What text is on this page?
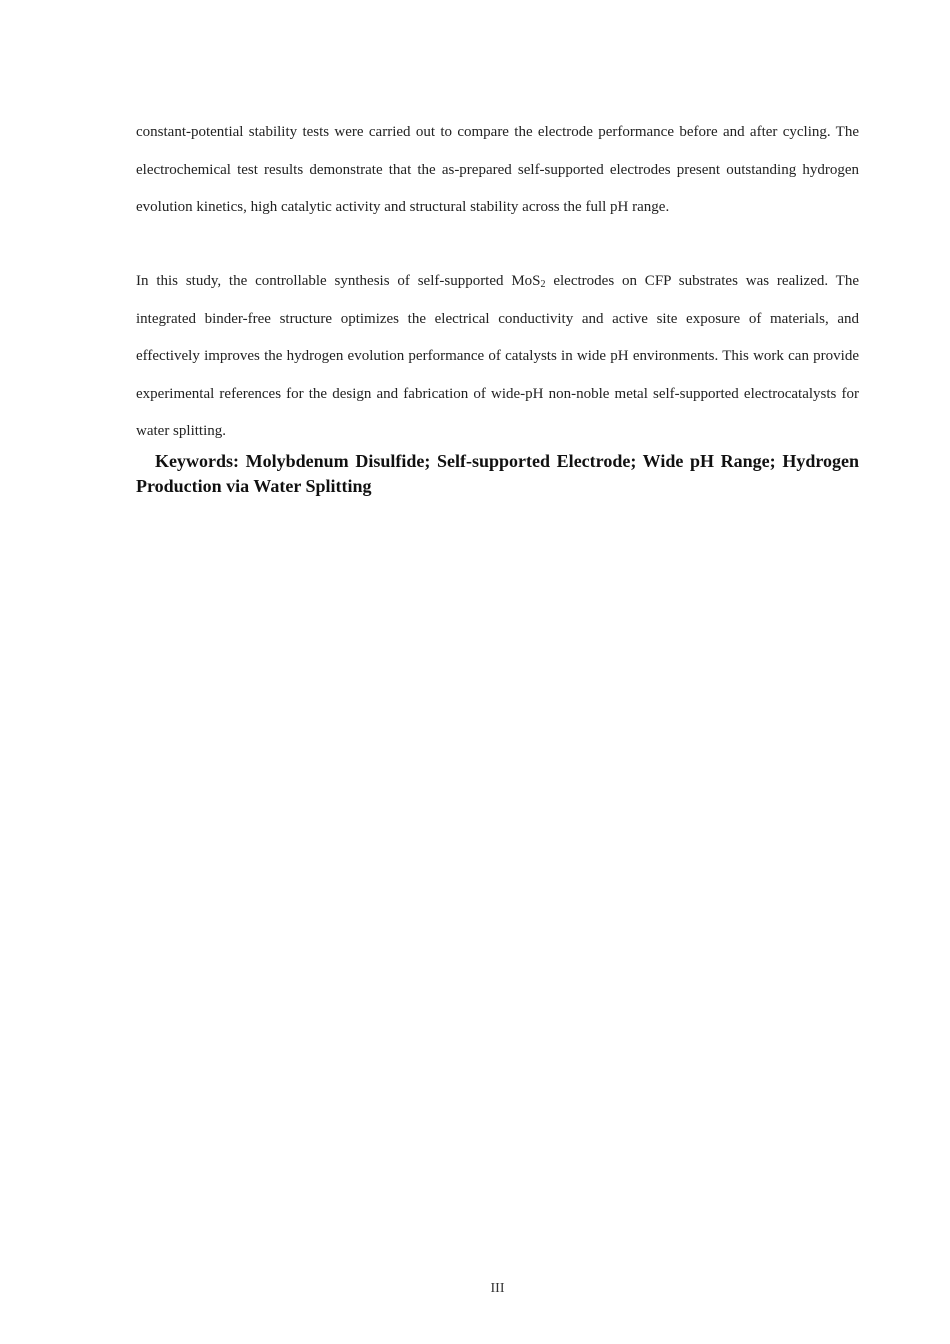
constant-potential stability tests were carried out to compare the electrode performance before and after cycling. The electrochemical test results demonstrate that the as-prepared self-supported electrodes present outstanding hydrogen evolution kinetics, high catalytic activity and structural stability across the full pH range.

In this study, the controllable synthesis of self-supported MoS$_2$ electrodes on CFP substrates was realized. The integrated binder-free structure optimizes the electrical conductivity and active site exposure of materials, and effectively improves the hydrogen evolution performance of catalysts in wide pH environments. This work can provide experimental references for the design and fabrication of wide-pH non-noble metal self-supported electrocatalysts for water splitting.

Keywords: Molybdenum Disulfide; Self-supported Electrode; Wide pH Range; Hydrogen Production via Water Splitting

III
